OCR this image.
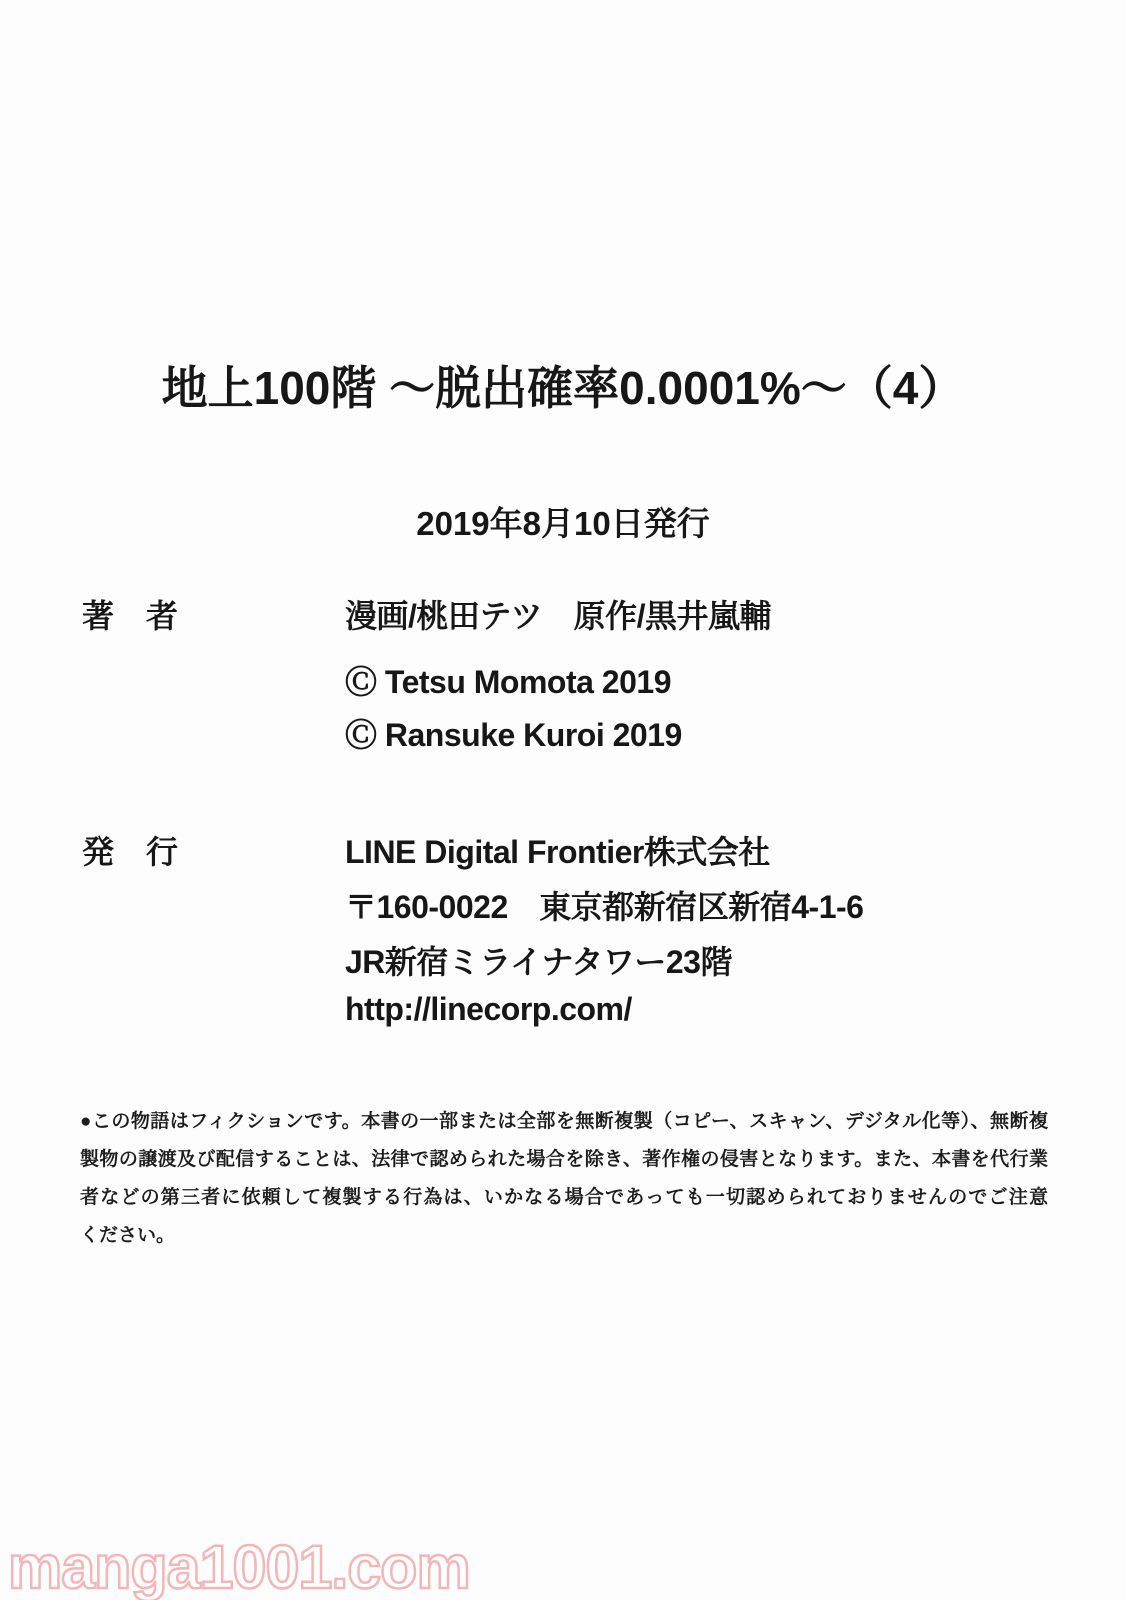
地上100階 ～脱出確率0.0001%～（4）
2019年8月10日発行
著　者	漫画/桃田テツ　原作/黒井嵐輔
Ⓒ Tetsu Momota 2019
Ⓒ Ransuke Kuroi 2019
発　行	LINE Digital Frontier株式会社
〒160-0022　東京都新宿区新宿4-1-6
JR新宿ミライナタワー23階
http://linecorp.com/
●この物語はフィクションです。本書の一部または全部を無断複製（コピー、スキャン、デジタル化等）、無断複
製物の譲渡及び配信することは、法律で認められた場合を除き、著作権の侵害となります。また、本書を代行業
者などの第三者に依頼して複製する行為は、いかなる場合であっても一切認められておりませんのでご注意
ください。
manga1001.com
